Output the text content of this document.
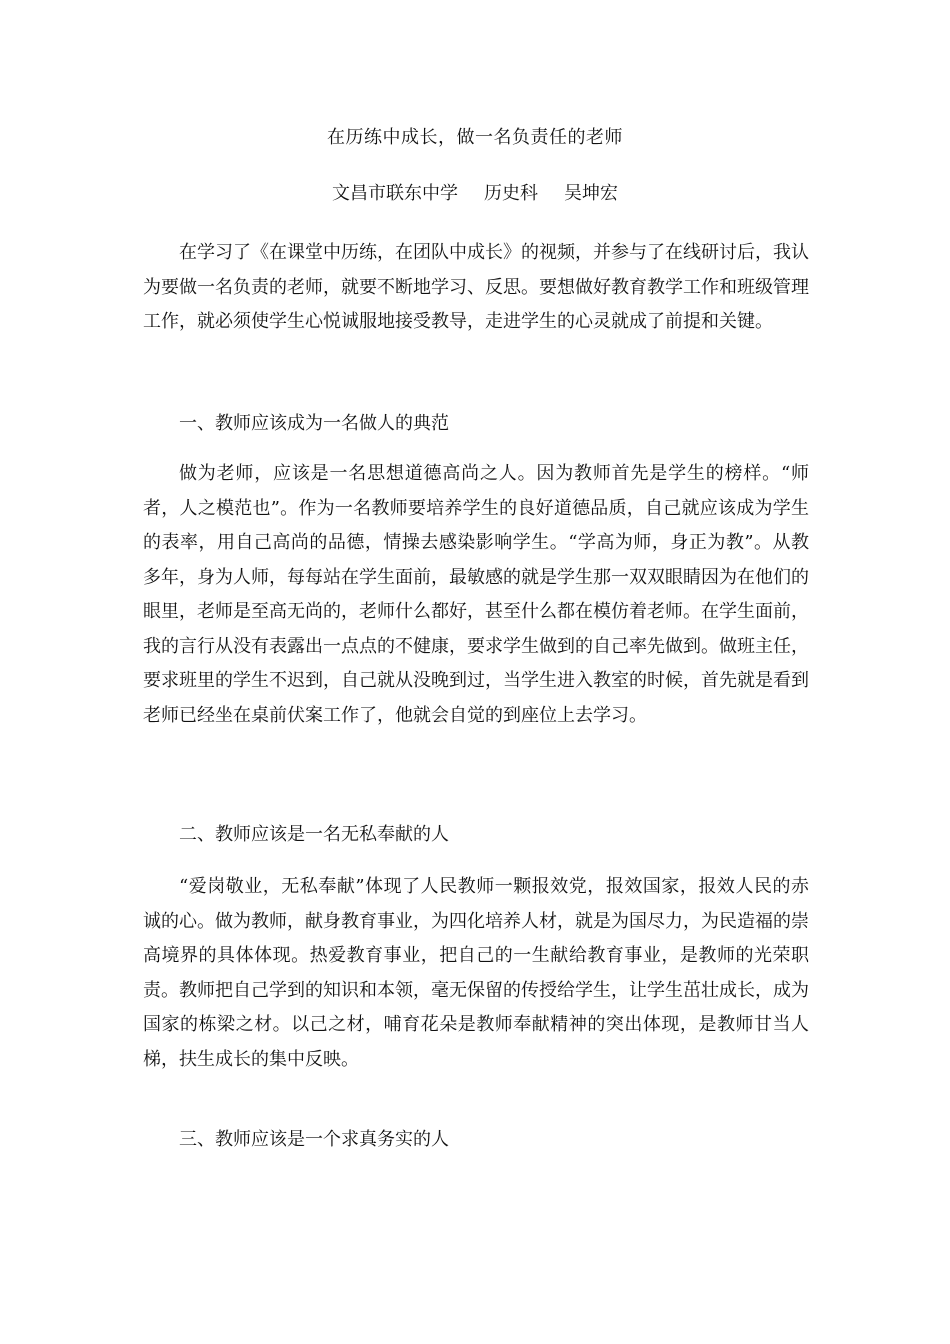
在历练中成长，做一名负责任的老师
文昌市联东中学 历史科 吴坤宏

在学习了《在课堂中历练，在团队中成长》的视频，并参与了在线研讨后，我认为要做一名负责的老师，就要不断地学习、反思。要想做好教育教学工作和班级管理工作，就必须使学生心悦诚服地接受教导，走进学生的心灵就成了前提和关键。

一、教师应该成为一名做人的典范

做为老师，应该是一名思想道德高尚之人。因为教师首先是学生的榜样。“师者，人之模范也”。作为一名教师要培养学生的良好道德品质，自己就应该成为学生的表率，用自己高尚的品德，情操去感染影响学生。“学高为师，身正为教”。从教多年，身为人师，每每站在学生面前，最敏感的就是学生那一双双眼睛因为在他们的眼里，老师是至高无尚的，老师什么都好，甚至什么都在模仿着老师。在学生面前，我的言行从没有表露出一点点的不健康，要求学生做到的自己率先做到。做班主任，要求班里的学生不迟到，自己就从没晚到过，当学生进入教室的时候，首先就是看到老师已经坐在桌前伏案工作了，他就会自觉的到座位上去学习。

二、教师应该是一名无私奉献的人

“爱岗敬业，无私奉献”体现了人民教师一颗报效党，报效国家，报效人民的赤诚的心。做为教师，献身教育事业，为四化培养人材，就是为国尽力，为民造福的崇高境界的具体体现。热爱教育事业，把自己的一生献给教育事业，是教师的光荣职责。教师把自己学到的知识和本领，毫无保留的传授给学生，让学生茁壮成长，成为国家的栋梁之材。以己之材，哺育花朵是教师奉献精神的突出体现，是教师甘当人梯，扶生成长的集中反映。

三、教师应该是一个求真务实的人
